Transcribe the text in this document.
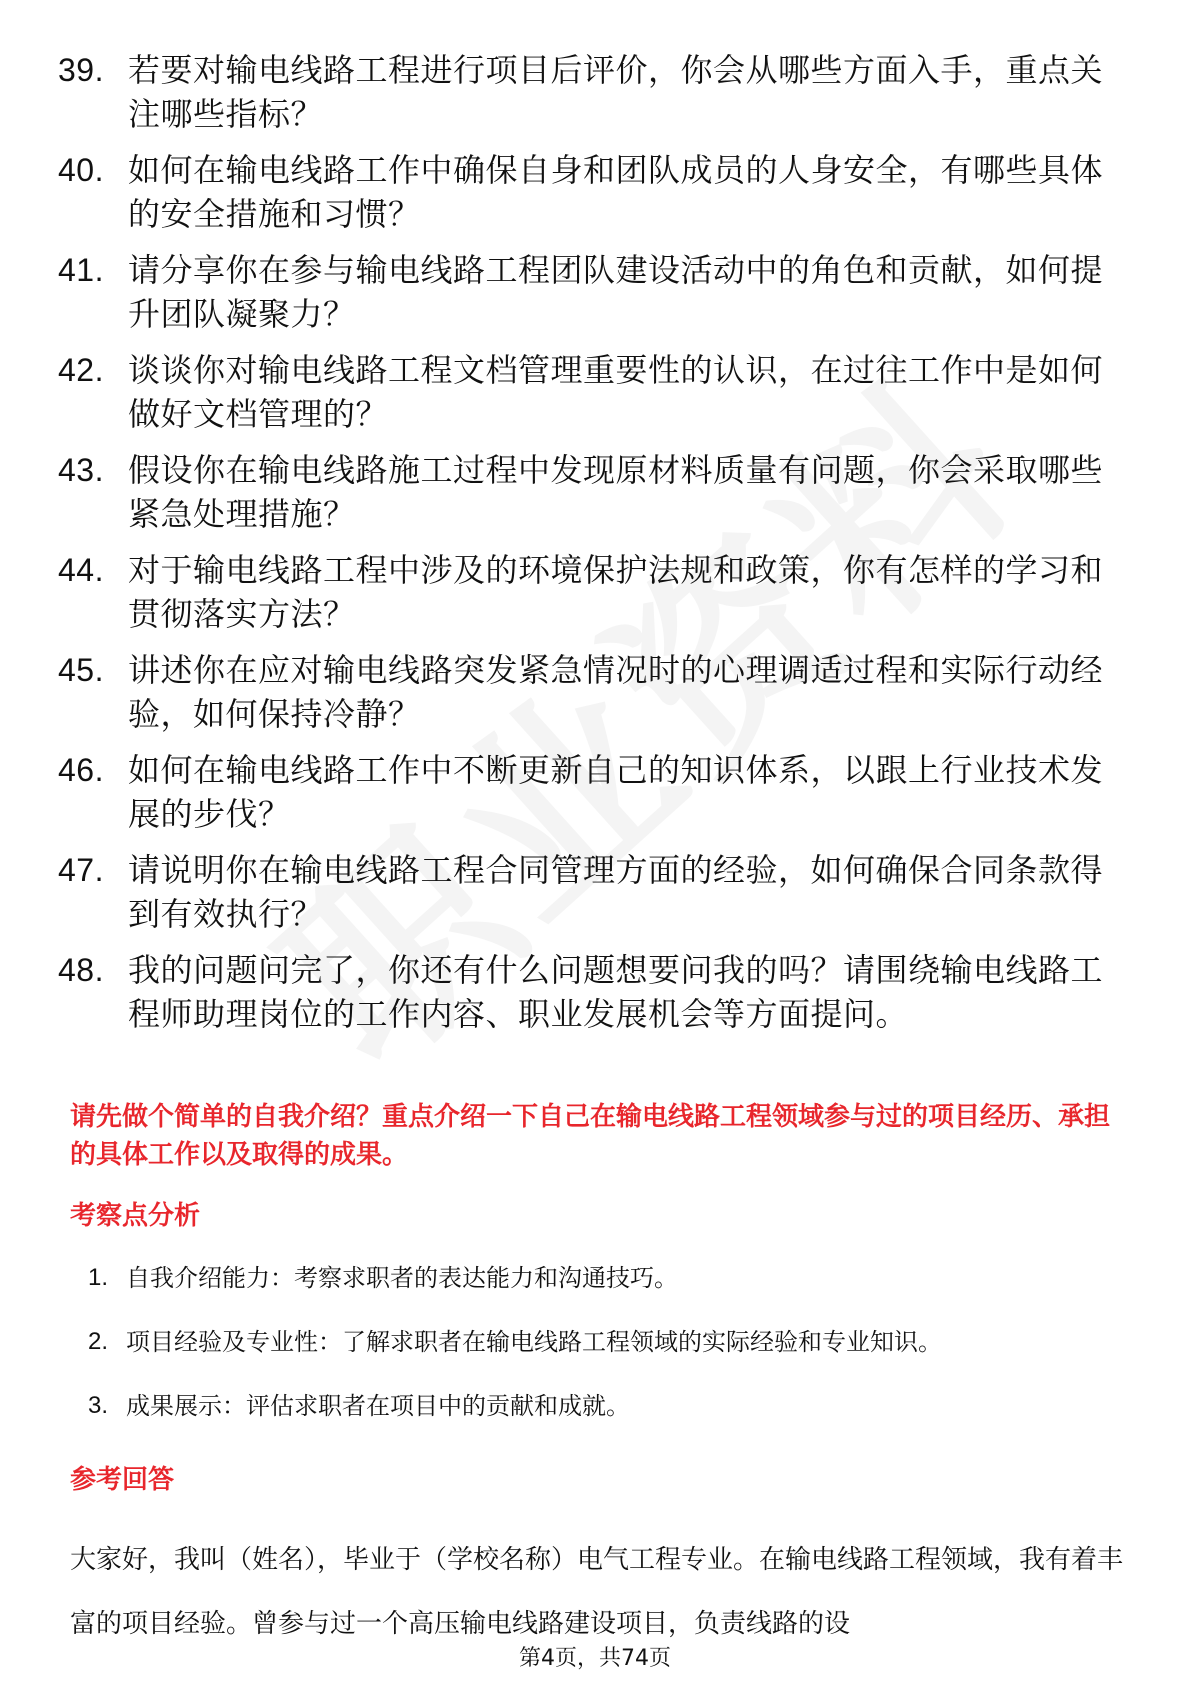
39. 若要对输电线路工程进行项目后评价，你会从哪些方面入手，重点关注哪些指标？
40. 如何在输电线路工作中确保自身和团队成员的人身安全，有哪些具体的安全措施和习惯？
41. 请分享你在参与输电线路工程团队建设活动中的角色和贡献，如何提升团队凝聚力？
42. 谈谈你对输电线路工程文档管理重要性的认识，在过往工作中是如何做好文档管理的？
43. 假设你在输电线路施工过程中发现原材料质量有问题，你会采取哪些紧急处理措施？
44. 对于输电线路工程中涉及的环境保护法规和政策，你有怎样的学习和贯彻落实方法？
45. 讲述你在应对输电线路突发紧急情况时的心理调适过程和实际行动经验，如何保持冷静？
46. 如何在输电线路工作中不断更新自己的知识体系，以跟上行业技术发展的步伐？
47. 请说明你在输电线路工程合同管理方面的经验，如何确保合同条款得到有效执行？
48. 我的问题问完了，你还有什么问题想要问我的吗？请围绕输电线路工程师助理岗位的工作内容、职业发展机会等方面提问。
请先做个简单的自我介绍？重点介绍一下自己在输电线路工程领域参与过的项目经历、承担的具体工作以及取得的成果。
考察点分析
1. 自我介绍能力：考察求职者的表达能力和沟通技巧。
2. 项目经验及专业性：了解求职者在输电线路工程领域的实际经验和专业知识。
3. 成果展示：评估求职者在项目中的贡献和成就。
参考回答

大家好，我叫（姓名），毕业于（学校名称）电气工程专业。在输电线路工程领域，我有着丰富的项目经验。曾参与过一个高压输电线路建设项目，负责线路的设

第4页，共74页
